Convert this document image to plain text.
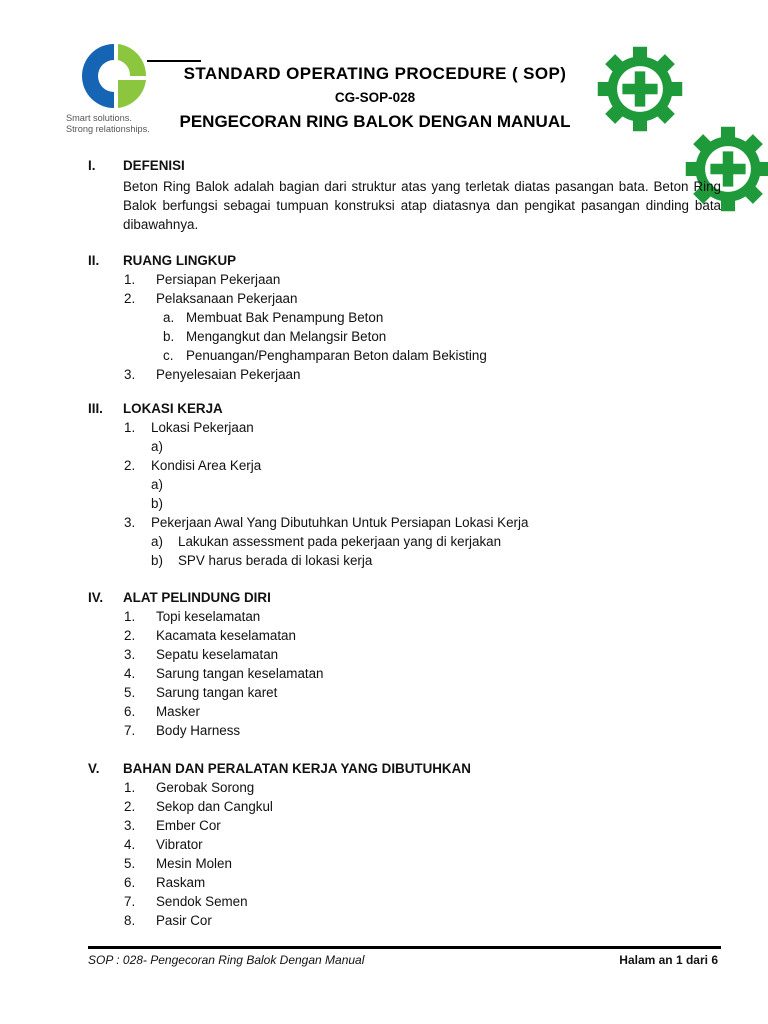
Smart solutions.
Strong relationships.
STANDARD OPERATING PROCEDURE ( SOP)
CG-SOP-028
PENGECORAN RING BALOK DENGAN MANUAL
I. DEFENISI
Beton Ring Balok adalah bagian dari struktur atas yang terletak diatas pasangan bata. Beton Ring Balok berfungsi sebagai tumpuan konstruksi atap diatasnya dan pengikat pasangan dinding bata dibawahnya.
II. RUANG LINGKUP
1. Persiapan Pekerjaan
2. Pelaksanaan Pekerjaan
a. Membuat Bak Penampung Beton
b. Mengangkut dan Melangsir Beton
c. Penuangan/Penghamparan Beton dalam Bekisting
3. Penyelesaian Pekerjaan
III. LOKASI KERJA
1. Lokasi Pekerjaan
a)
2. Kondisi Area Kerja
a)
b)
3. Pekerjaan Awal Yang Dibutuhkan Untuk Persiapan Lokasi Kerja
a) Lakukan assessment pada pekerjaan yang di kerjakan
b) SPV harus berada di lokasi kerja
IV. ALAT PELINDUNG DIRI
1. Topi keselamatan
2. Kacamata keselamatan
3. Sepatu keselamatan
4. Sarung tangan keselamatan
5. Sarung tangan karet
6. Masker
7. Body Harness
V. BAHAN DAN PERALATAN KERJA YANG DIBUTUHKAN
1. Gerobak Sorong
2. Sekop dan Cangkul
3. Ember Cor
4. Vibrator
5. Mesin Molen
6. Raskam
7. Sendok Semen
8. Pasir Cor
SOP : 028- Pengecoran Ring Balok Dengan Manual	Halam an 1 dari 6
